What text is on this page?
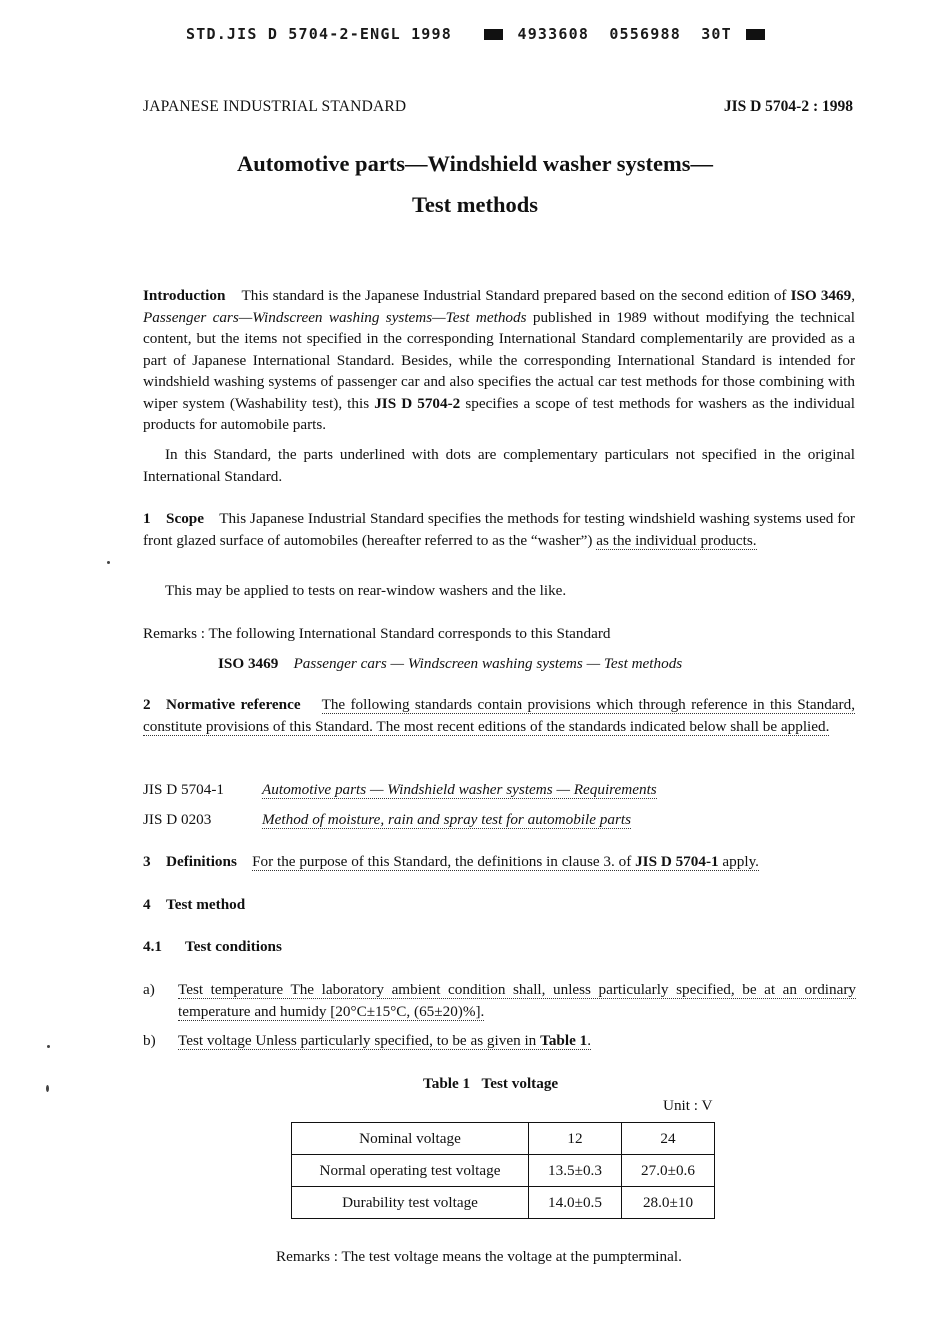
STD.JIS D 5704-2-ENGL 1998	4933608 0556988 30T
JAPANESE INDUSTRIAL STANDARD	JIS D 5704-2 : 1998
Automotive parts—Windshield washer systems—
Test methods
Introduction This standard is the Japanese Industrial Standard prepared based on the second edition of ISO 3469, Passenger cars—Windscreen washing systems—Test methods published in 1989 without modifying the technical content, but the items not specified in the corresponding International Standard complementarily are provided as a part of Japanese International Standard. Besides, while the corresponding International Standard is intended for windshield washing systems of passenger car and also specifies the actual car test methods for those combining with wiper system (Washability test), this JIS D 5704-2 specifies a scope of test methods for washers as the individual products for automobile parts.
In this Standard, the parts underlined with dots are complementary particulars not specified in the original International Standard.
1 Scope This Japanese Industrial Standard specifies the methods for testing windshield washing systems used for front glazed surface of automobiles (hereafter referred to as the “washer”) as the individual products.
This may be applied to tests on rear-window washers and the like.
Remarks : The following International Standard corresponds to this Standard
ISO 3469 Passenger cars — Windscreen washing systems — Test methods
2 Normative reference The following standards contain provisions which through reference in this Standard, constitute provisions of this Standard. The most recent editions of the standards indicated below shall be applied.
JIS D 5704-1 Automotive parts — Windshield washer systems — Requirements
JIS D 0203	Method of moisture, rain and spray test for automobile parts
3 Definitions For the purpose of this Standard, the definitions in clause 3. of JIS D 5704-1 apply.
4 Test method
4.1 Test conditions
a) Test temperature The laboratory ambient condition shall, unless particularly specified, be at an ordinary temperature and humidy [20°C±15°C, (65±20)%].
b) Test voltage Unless particularly specified, to be as given in Table 1.
Table 1 Test voltage
Unit : V
Nominal voltage	12	24
Normal operating test voltage	13.5±0.3	27.0±0.6
Durability test voltage	14.0±0.5	28.0±10
Remarks : The test voltage means the voltage at the pumpterminal.
